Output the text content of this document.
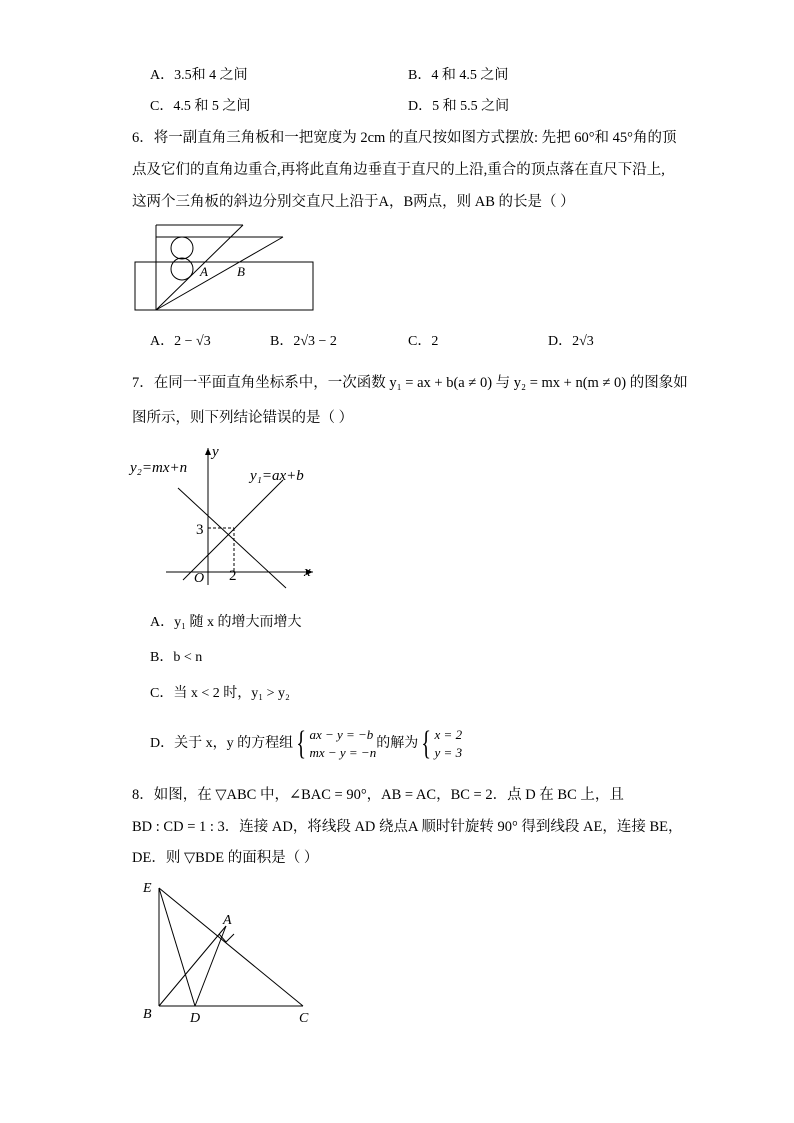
A．3.5和 4 之间	B．4 和 4.5 之间
C．4.5 和 5 之间	D．5 和 5.5 之间
6．将一副直角三角板和一把宽度为 2cm 的直尺按如图方式摆放: 先把 60°和 45°角的顶
点及它们的直角边重合,再将此直角边垂直于直尺的上沿,重合的顶点落在直尺下沿上,
这两个三角板的斜边分别交直尺上沿于A，B两点，则 AB 的长是（ ）
A B
A．2 − √3	B．2√3 − 2	C．2	D．2√3
7．在同一平面直角坐标系中，一次函数 y₁ = ax + b(a ≠ 0) 与 y₂ = mx + n(m ≠ 0) 的图象如
图所示，则下列结论错误的是（ ）
y
x
O
y₂=mx+n	y₁=ax+b
3
2
A．y₁ 随 x 的增大而增大
B．b < n
C．当 x < 2 时，y₁ > y₂
D．关于 x，y 的方程组 { ax − y = −b
mx − y = −n
的解为 { x = 2
y = 3
8．如图，在 ▽ABC 中，∠BAC = 90°，AB = AC，BC = 2．点 D 在 BC 上，且
BD : CD = 1 : 3．连接 AD，将线段 AD 绕点A 顺时针旋转 90° 得到线段 AE，连接 BE，
DE．则 ▽BDE 的面积是（ ）
E
A
B	D	C
